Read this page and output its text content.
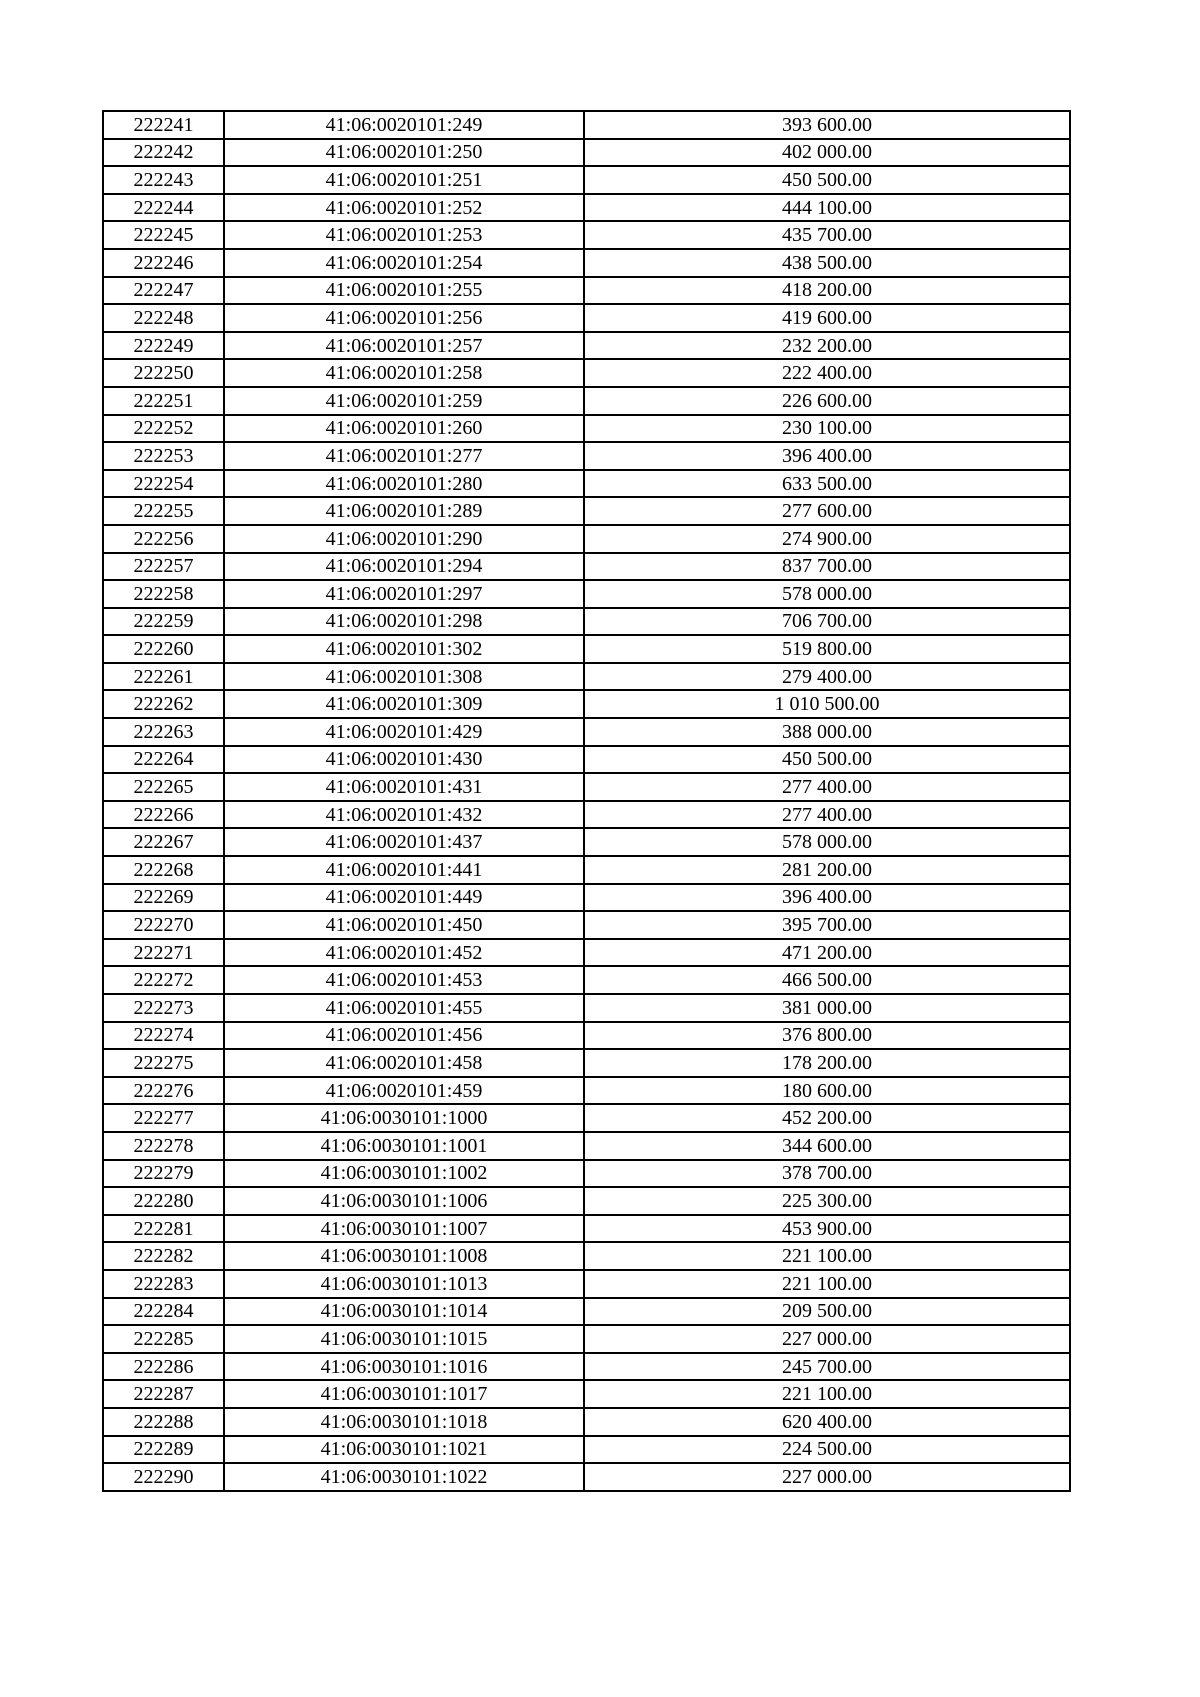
222241	41:06:0020101:249	393 600.00
222242	41:06:0020101:250	402 000.00
222243	41:06:0020101:251	450 500.00
222244	41:06:0020101:252	444 100.00
222245	41:06:0020101:253	435 700.00
222246	41:06:0020101:254	438 500.00
222247	41:06:0020101:255	418 200.00
222248	41:06:0020101:256	419 600.00
222249	41:06:0020101:257	232 200.00
222250	41:06:0020101:258	222 400.00
222251	41:06:0020101:259	226 600.00
222252	41:06:0020101:260	230 100.00
222253	41:06:0020101:277	396 400.00
222254	41:06:0020101:280	633 500.00
222255	41:06:0020101:289	277 600.00
222256	41:06:0020101:290	274 900.00
222257	41:06:0020101:294	837 700.00
222258	41:06:0020101:297	578 000.00
222259	41:06:0020101:298	706 700.00
222260	41:06:0020101:302	519 800.00
222261	41:06:0020101:308	279 400.00
222262	41:06:0020101:309	1 010 500.00
222263	41:06:0020101:429	388 000.00
222264	41:06:0020101:430	450 500.00
222265	41:06:0020101:431	277 400.00
222266	41:06:0020101:432	277 400.00
222267	41:06:0020101:437	578 000.00
222268	41:06:0020101:441	281 200.00
222269	41:06:0020101:449	396 400.00
222270	41:06:0020101:450	395 700.00
222271	41:06:0020101:452	471 200.00
222272	41:06:0020101:453	466 500.00
222273	41:06:0020101:455	381 000.00
222274	41:06:0020101:456	376 800.00
222275	41:06:0020101:458	178 200.00
222276	41:06:0020101:459	180 600.00
222277	41:06:0030101:1000	452 200.00
222278	41:06:0030101:1001	344 600.00
222279	41:06:0030101:1002	378 700.00
222280	41:06:0030101:1006	225 300.00
222281	41:06:0030101:1007	453 900.00
222282	41:06:0030101:1008	221 100.00
222283	41:06:0030101:1013	221 100.00
222284	41:06:0030101:1014	209 500.00
222285	41:06:0030101:1015	227 000.00
222286	41:06:0030101:1016	245 700.00
222287	41:06:0030101:1017	221 100.00
222288	41:06:0030101:1018	620 400.00
222289	41:06:0030101:1021	224 500.00
222290	41:06:0030101:1022	227 000.00
